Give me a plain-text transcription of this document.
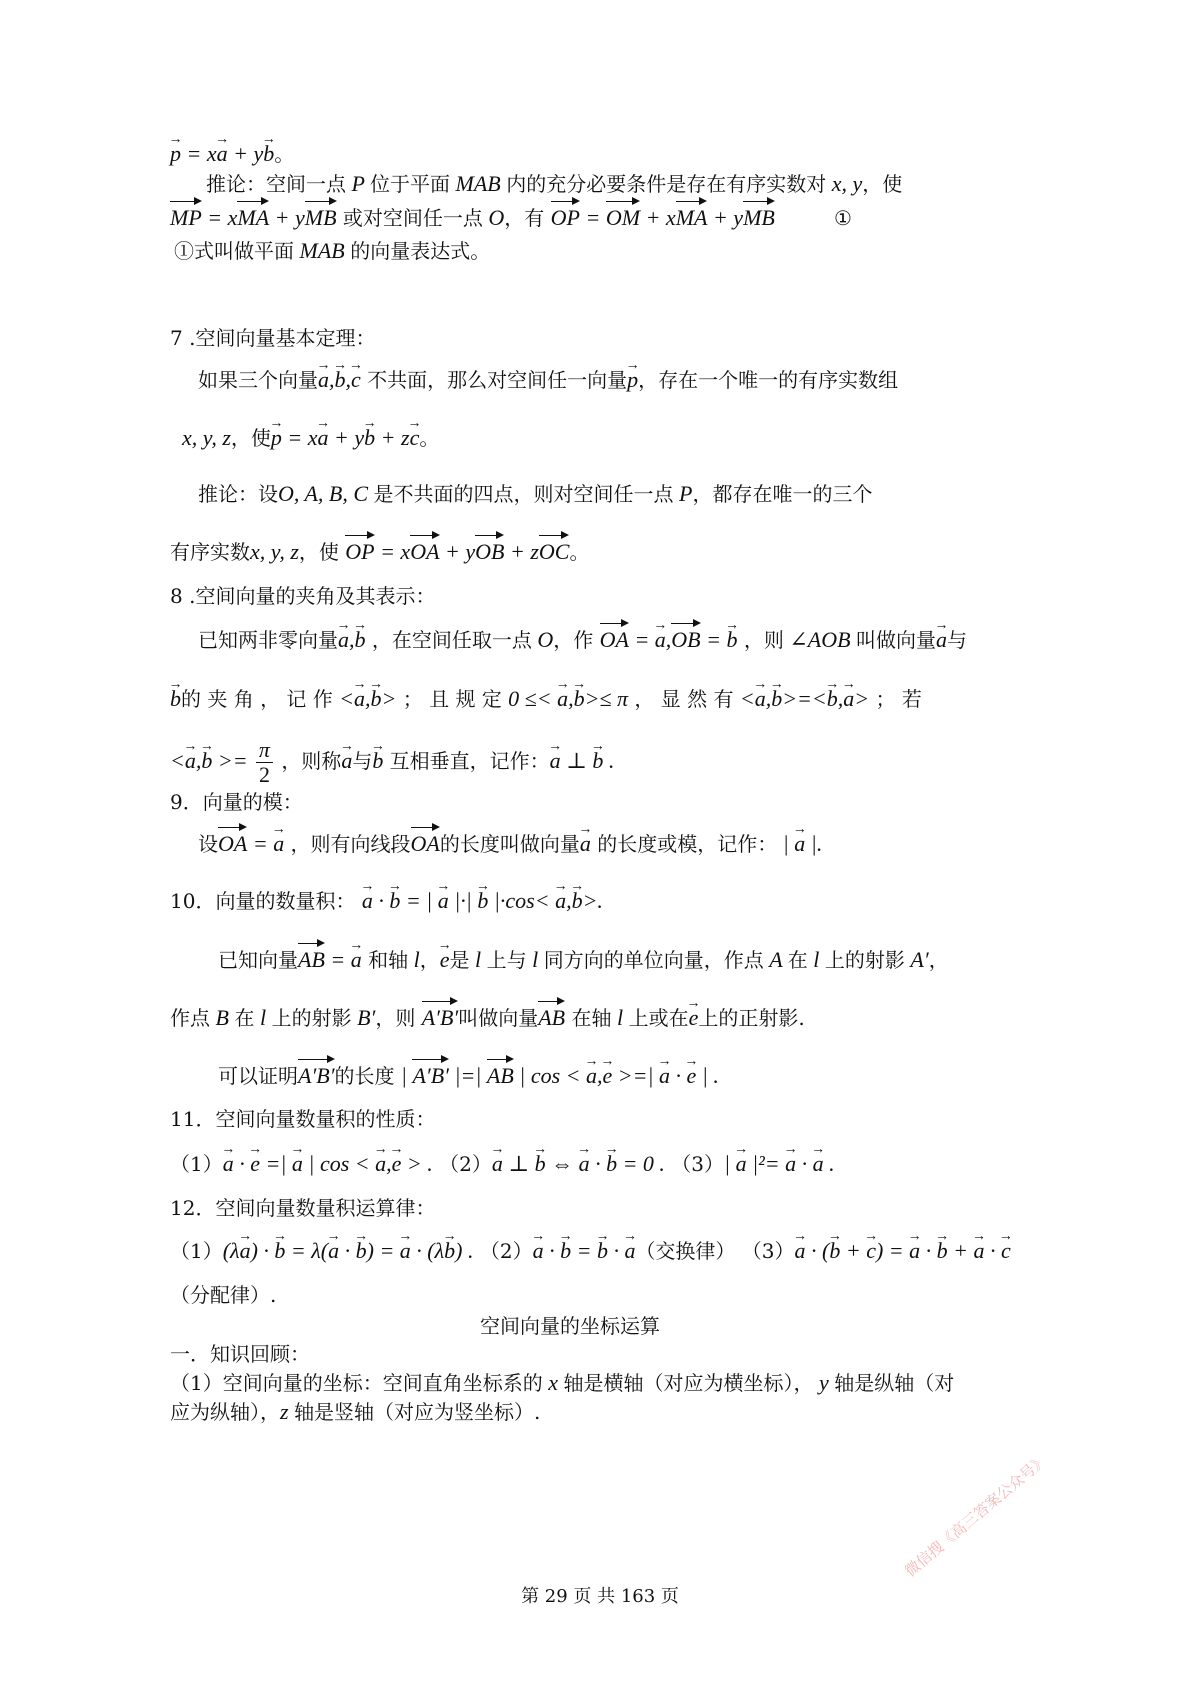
→ p = x→ a + y→ b。
推论：空间一点 P 位于平面 MAB 内的充分必要条件是存在有序实数对 x, y，使
MP = xMA + yMB 或对空间任一点 O，有 OP = OM + xMA + yMB	①
①式叫做平面 MAB 的向量表达式。
7 .空间向量基本定理：
如果三个向量→ a,→ b,→ c 不共面，那么对空间任一向量→ p，存在一个唯一的有序实数组
x, y, z，使→ p = x→ a + y→ b + z→ c。
推论：设O, A, B, C 是不共面的四点，则对空间任一点 P，都存在唯一的三个
有序实数x, y, z，使 OP = xOA + yOB + zOC。
8 .空间向量的夹角及其表示：
已知两非零向量→ a,→ b ，在空间任取一点 O，作 OA = → a,OB = → b ，则 ∠AOB 叫做向量→ a与
→ b的 夹 角 ， 记 作 <→ a,→ b> ； 且 规 定 0 ≤< → a,→ b>≤ π ， 显 然 有 <→ a,→ b>=<→ b,→ a> ； 若
<→ $a,\to b >= \frac{\pi}{2}$ ，则称→ a与→ b 互相垂直，记作：→ a ⊥ → b .
9．向量的模：
设OA = → a ，则有向线段OA的长度叫做向量→ a 的长度或模，记作： | → a |.
10．向量的数量积： → a · → b = | → a |·| → b |·cos< → a,→ b>.
已知向量AB = → a 和轴 l，→ e是 l 上与 l 同方向的单位向量，作点 A 在 l 上的射影 A′，
作点 B 在 l 上的射影 B′，则 A′B′叫做向量AB 在轴 l 上或在→ e上的正射影.
可以证明A′B′的长度 | A′B′ |=| AB | cos < → a,→ e >=| → a · → e | .
11．空间向量数量积的性质：
（1）→ a · → e =| → a | cos < → a,→ e > . （2）→ a ⊥ → b ⇔ → a · → b = 0 . （3）| → a |²= → a · → a .
12．空间向量数量积运算律：
（1）(λ→ a) · → b = λ(→ a · → b) = → a · (λ→ b) . （2）→ a · → b = → b · → a（交换律） （3）→ a · (→ b + → c) = → a · → b + → a · → c
（分配律）.
空间向量的坐标运算
一．知识回顾：
（1）空间向量的坐标：空间直角坐标系的 x 轴是横轴（对应为横坐标）， y 轴是纵轴（对
应为纵轴），z 轴是竖轴（对应为竖坐标）.
第 29 页 共 163 页
微信搜《高三答案公众号》
